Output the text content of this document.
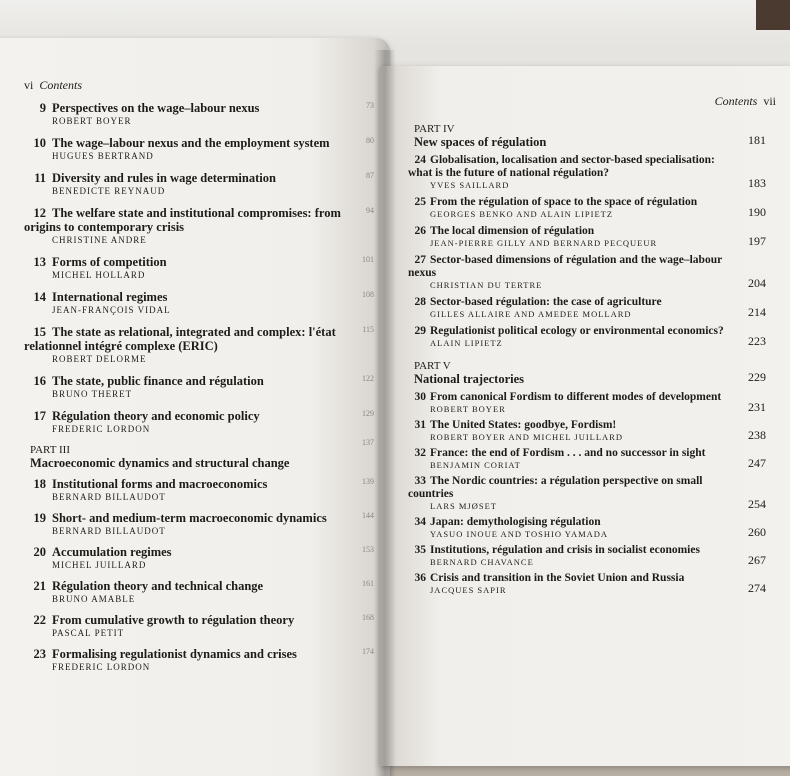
vi Contents
9 Perspectives on the wage–labour nexus
ROBERT BOYER
73
10 The wage–labour nexus and the employment system
HUGUES BERTRAND
80
11 Diversity and rules in wage determination
BENEDICTE REYNAUD
87
12 The welfare state and institutional compromises: from origins to contemporary crisis
CHRISTINE ANDRE
94
13 Forms of competition
MICHEL HOLLARD
101
14 International regimes
JEAN-FRANÇOIS VIDAL
108
15 The state as relational, integrated and complex: l'état relationnel intégré complexe (ERIC)
ROBERT DELORME
115
16 The state, public finance and régulation
BRUNO THERET
122
17 Régulation theory and economic policy
FREDERIC LORDON
129
PART III
Macroeconomic dynamics and structural change
137
18 Institutional forms and macroeconomics
BERNARD BILLAUDOT
139
19 Short- and medium-term macroeconomic dynamics
BERNARD BILLAUDOT
144
20 Accumulation regimes
MICHEL JUILLARD
153
21 Régulation theory and technical change
BRUNO AMABLE
161
22 From cumulative growth to régulation theory
PASCAL PETIT
168
23 Formalising regulationist dynamics and crises
FREDERIC LORDON
174
Contents vii
PART IV
New spaces of régulation	181
24 Globalisation, localisation and sector-based specialisation: what is the future of national régulation?
YVES SAILLARD	183
25 From the régulation of space to the space of régulation
GEORGES BENKO AND ALAIN LIPIETZ	190
26 The local dimension of régulation
JEAN-PIERRE GILLY AND BERNARD PECQUEUR	197
27 Sector-based dimensions of régulation and the wage–labour nexus
CHRISTIAN DU TERTRE	204
28 Sector-based régulation: the case of agriculture
GILLES ALLAIRE AND AMEDEE MOLLARD	214
29 Regulationist political ecology or environmental economics?
ALAIN LIPIETZ	223
PART V
National trajectories	229
30 From canonical Fordism to different modes of development
ROBERT BOYER	231
31 The United States: goodbye, Fordism!
ROBERT BOYER AND MICHEL JUILLARD	238
32 France: the end of Fordism . . . and no successor in sight
BENJAMIN CORIAT	247
33 The Nordic countries: a régulation perspective on small countries
LARS MJØSET	254
34 Japan: demythologising régulation
YASUO INOUE AND TOSHIO YAMADA	260
35 Institutions, régulation and crisis in socialist economies
BERNARD CHAVANCE	267
36 Crisis and transition in the Soviet Union and Russia
JACQUES SAPIR	274
